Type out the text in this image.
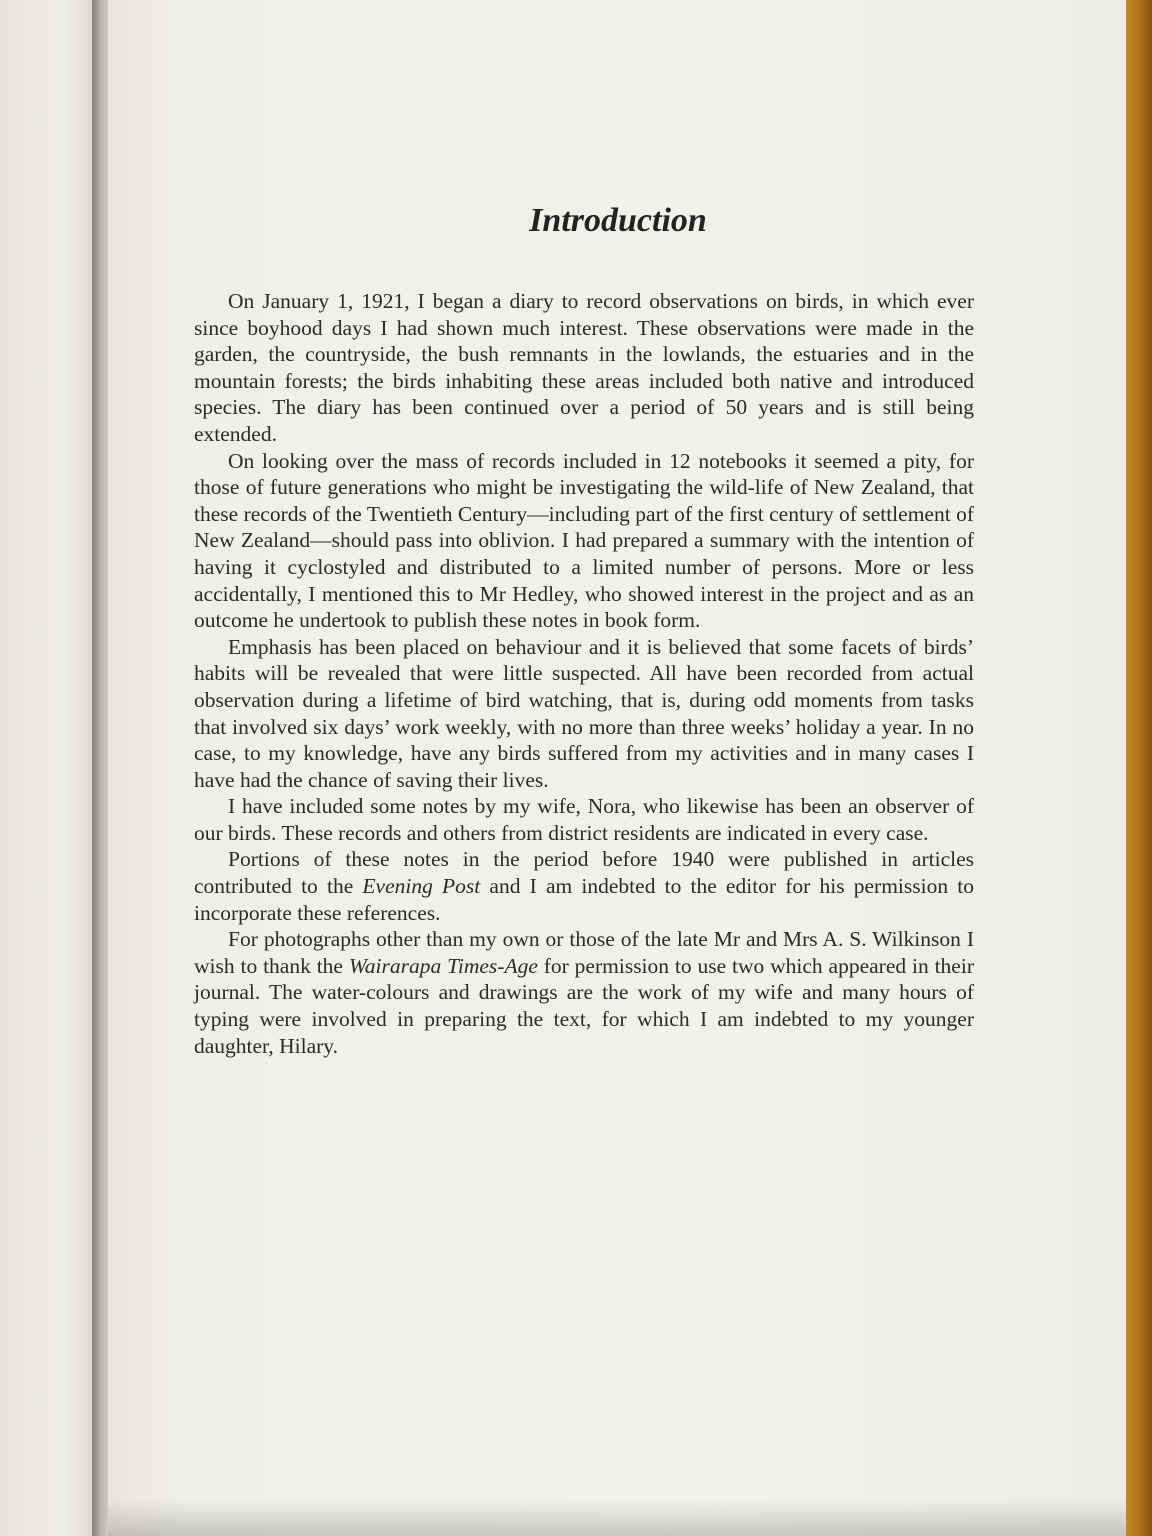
Introduction

On January 1, 1921, I began a diary to record observations on birds, in which ever since boyhood days I had shown much interest. These observations were made in the garden, the countryside, the bush remnants in the lowlands, the estuaries and in the mountain forests; the birds inhabiting these areas included both native and introduced species. The diary has been continued over a period of 50 years and is still being extended.

On looking over the mass of records included in 12 notebooks it seemed a pity, for those of future generations who might be investigating the wild-life of New Zealand, that these records of the Twentieth Century—including part of the first century of settlement of New Zealand—should pass into oblivion. I had prepared a summary with the intention of having it cyclostyled and distributed to a limited number of persons. More or less accidentally, I mentioned this to Mr Hedley, who showed interest in the project and as an outcome he undertook to publish these notes in book form.

Emphasis has been placed on behaviour and it is believed that some facets of birds’ habits will be revealed that were little suspected. All have been recorded from actual observation during a lifetime of bird watching, that is, during odd moments from tasks that involved six days’ work weekly, with no more than three weeks’ holiday a year. In no case, to my knowledge, have any birds suffered from my activities and in many cases I have had the chance of saving their lives.

I have included some notes by my wife, Nora, who likewise has been an observer of our birds. These records and others from district residents are indicated in every case.

Portions of these notes in the period before 1940 were published in articles contributed to the Evening Post and I am indebted to the editor for his permission to incorporate these references.

For photographs other than my own or those of the late Mr and Mrs A. S. Wilkinson I wish to thank the Wairarapa Times-Age for permission to use two which appeared in their journal. The water-colours and drawings are the work of my wife and many hours of typing were involved in preparing the text, for which I am indebted to my younger daughter, Hilary.
